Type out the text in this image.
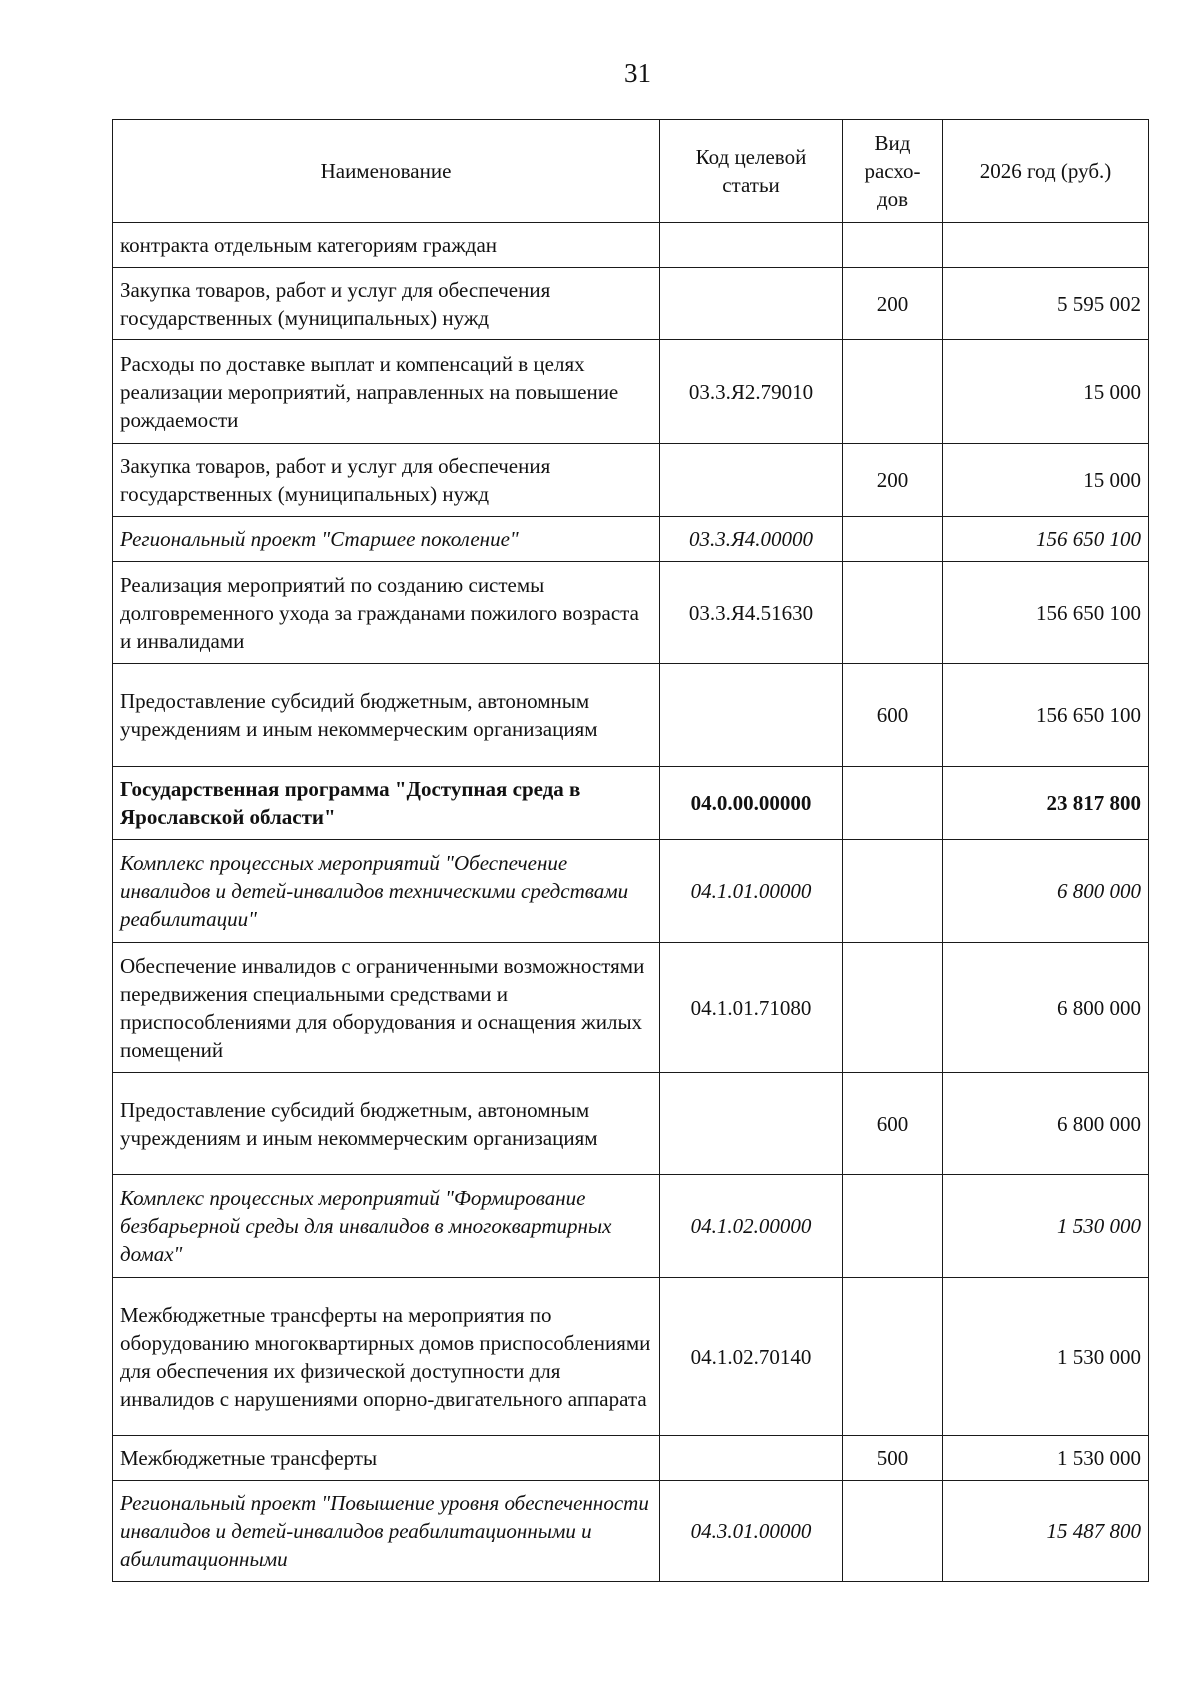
31
Наименование	Код целевой статьи	Вид расхо-дов	2026 год (руб.)
контракта отдельным категориям граждан			
Закупка товаров, работ и услуг для обеспечения государственных (муниципальных) нужд		200	5 595 002
Расходы по доставке выплат и компенсаций в целях реализации мероприятий, направленных на повышение рождаемости	03.3.Я2.79010		15 000
Закупка товаров, работ и услуг для обеспечения государственных (муниципальных) нужд		200	15 000
Региональный проект "Старшее поколение"	03.3.Я4.00000		156 650 100
Реализация мероприятий по созданию системы долговременного ухода за гражданами пожилого возраста и инвалидами	03.3.Я4.51630		156 650 100
Предоставление субсидий бюджетным, автономным учреждениям и иным некоммерческим организациям		600	156 650 100
Государственная программа "Доступная среда в Ярославской области"	04.0.00.00000		23 817 800
Комплекс процессных мероприятий "Обеспечение инвалидов и детей-инвалидов техническими средствами реабилитации"	04.1.01.00000		6 800 000
Обеспечение инвалидов с ограниченными возможностями передвижения специальными средствами и приспособлениями для оборудования и оснащения жилых помещений	04.1.01.71080		6 800 000
Предоставление субсидий бюджетным, автономным учреждениям и иным некоммерческим организациям		600	6 800 000
Комплекс процессных мероприятий "Формирование безбарьерной среды для инвалидов в многоквартирных домах"	04.1.02.00000		1 530 000
Межбюджетные трансферты на мероприятия по оборудованию многоквартирных домов приспособлениями для обеспечения их физической доступности для инвалидов с нарушениями опорно-двигательного аппарата	04.1.02.70140		1 530 000
Межбюджетные трансферты		500	1 530 000
Региональный проект "Повышение уровня обеспеченности инвалидов и детей-инвалидов реабилитационными и абилитационными	04.3.01.00000		15 487 800
